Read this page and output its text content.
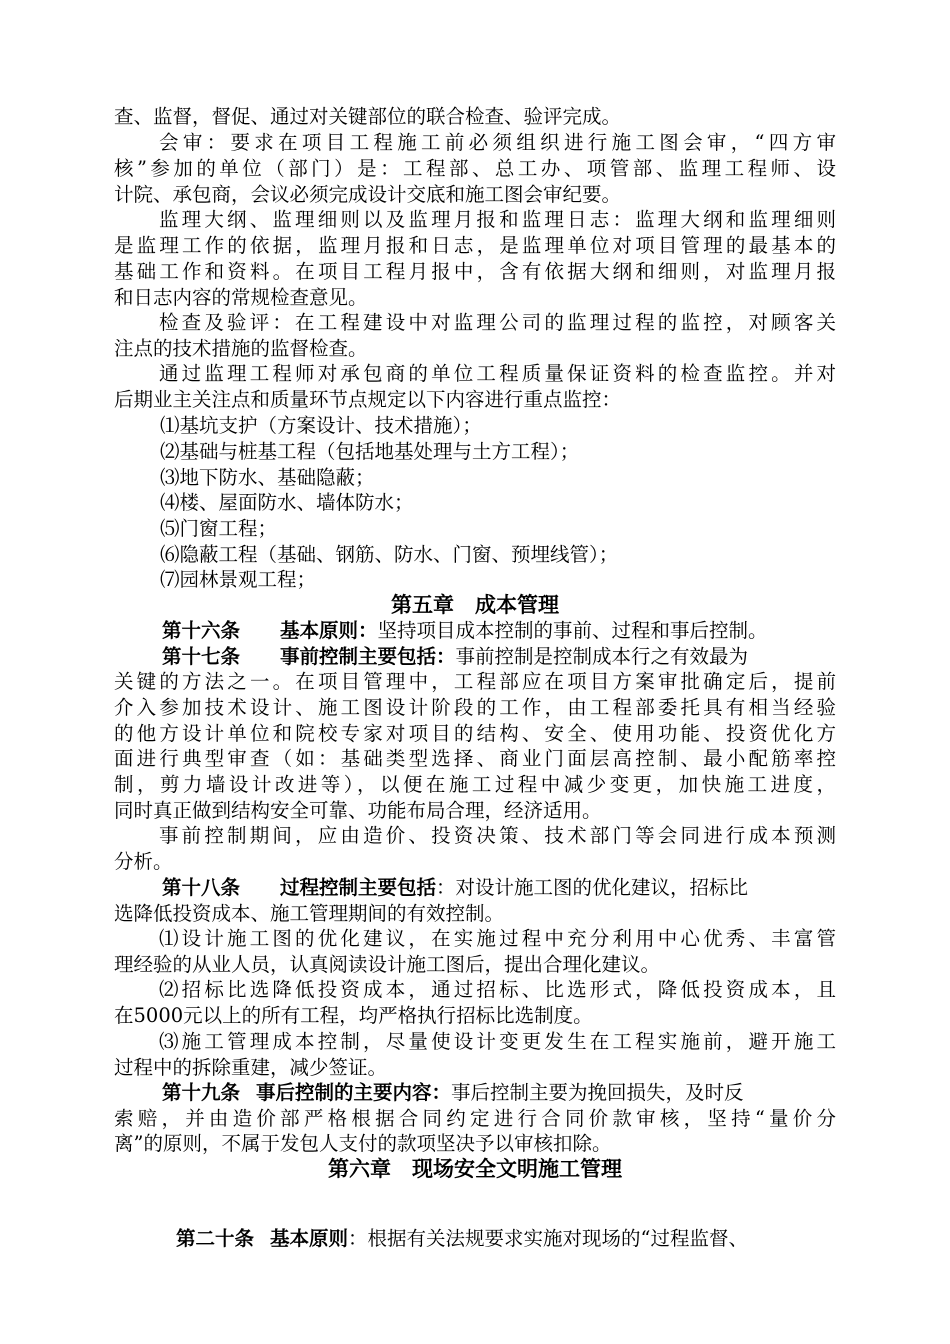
查、监督，督促、通过对关键部位的联合检查、验评完成。
会审：要求在项目工程施工前必须组织进行施工图会审，“四方审
核”参加的单位（部门）是：工程部、总工办、项管部、监理工程师、设
计院、承包商，会议必须完成设计交底和施工图会审纪要。
监理大纲、监理细则以及监理月报和监理日志：监理大纲和监理细则
是监理工作的依据，监理月报和日志，是监理单位对项目管理的最基本的
基础工作和资料。在项目工程月报中，含有依据大纲和细则，对监理月报
和日志内容的常规检查意见。
检查及验评：在工程建设中对监理公司的监理过程的监控，对顾客关
注点的技术措施的监督检查。
通过监理工程师对承包商的单位工程质量保证资料的检查监控。并对
后期业主关注点和质量环节点规定以下内容进行重点监控：
⑴基坑支护（方案设计、技术措施）；
⑵基础与桩基工程（包括地基处理与土方工程）；
⑶地下防水、基础隐蔽；
⑷楼、屋面防水、墙体防水；
⑸门窗工程；
⑹隐蔽工程（基础、钢筋、防水、门窗、预埋线管）；
⑺园林景观工程；
第五章　成本管理
第十六条 基本原则：坚持项目成本控制的事前、过程和事后控制。
第十七条 事前控制主要包括：事前控制是控制成本行之有效最为
关键的方法之一。在项目管理中，工程部应在项目方案审批确定后，提前
介入参加技术设计、施工图设计阶段的工作，由工程部委托具有相当经验
的他方设计单位和院校专家对项目的结构、安全、使用功能、投资优化方
面进行典型审查（如：基础类型选择、商业门面层高控制、最小配筋率控
制，剪力墙设计改进等），以便在施工过程中减少变更，加快施工进度，
同时真正做到结构安全可靠、功能布局合理，经济适用。
事前控制期间，应由造价、投资决策、技术部门等会同进行成本预测
分析。
第十八条 过程控制主要包括：对设计施工图的优化建议，招标比
选降低投资成本、施工管理期间的有效控制。
⑴设计施工图的优化建议，在实施过程中充分利用中心优秀、丰富管
理经验的从业人员，认真阅读设计施工图后，提出合理化建议。
⑵招标比选降低投资成本，通过招标、比选形式，降低投资成本，且
在5000元以上的所有工程，均严格执行招标比选制度。
⑶施工管理成本控制，尽量使设计变更发生在工程实施前，避开施工
过程中的拆除重建，减少签证。
第十九条 事后控制的主要内容：事后控制主要为挽回损失，及时反
索赔，并由造价部严格根据合同约定进行合同价款审核，坚持“量价分
离”的原则，不属于发包人支付的款项坚决予以审核扣除。
第六章　现场安全文明施工管理
第二十条 基本原则：根据有关法规要求实施对现场的“过程监督、
